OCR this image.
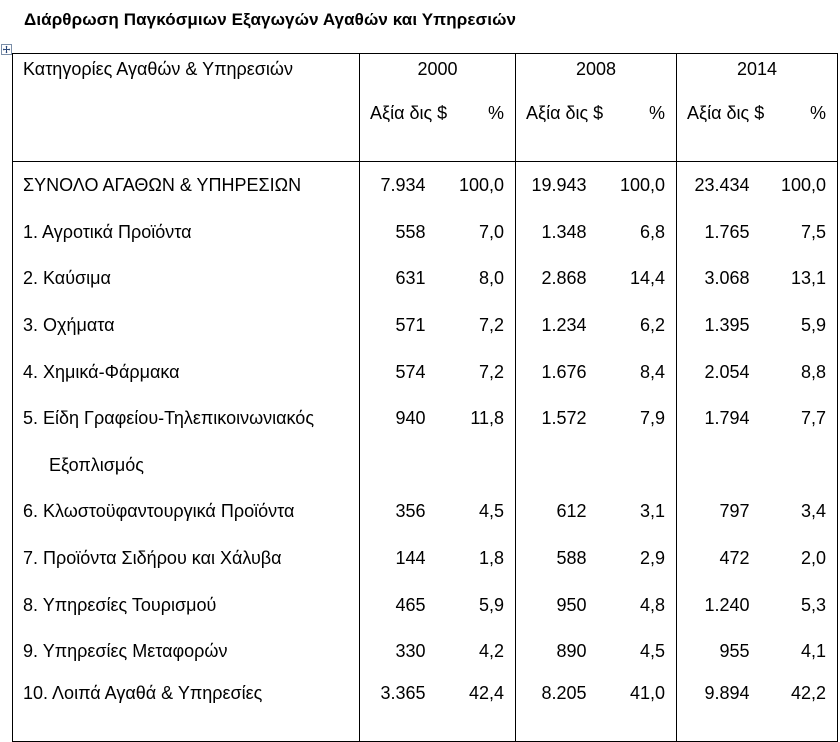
Διάρθρωση Παγκόσμιων Εξαγωγών Αγαθών και Υπηρεσιών
Κατηγορίες Αγαθών & Υπηρεσιών	2000		2008		2014	
	Αξία δις $	%	Αξία δις $	%	Αξία δις $	%
ΣΥΝΟΛΟ ΑΓΑΘΩΝ & ΥΠΗΡΕΣΙΩΝ	7.934	100,0	19.943	100,0	23.434	100,0
1. Αγροτικά Προϊόντα	558	7,0	1.348	6,8	1.765	7,5
2. Καύσιμα	631	8,0	2.868	14,4	3.068	13,1
3. Οχήματα	571	7,2	1.234	6,2	1.395	5,9
4. Χημικά-Φάρμακα	574	7,2	1.676	8,4	2.054	8,8
5. Είδη Γραφείου-Τηλεπικοινωνιακός	940	11,8	1.572	7,9	1.794	7,7
Εξοπλισμός						
6. Κλωστοϋφαντουργικά Προϊόντα	356	4,5	612	3,1	797	3,4
7. Προϊόντα Σιδήρου και Χάλυβα	144	1,8	588	2,9	472	2,0
8. Υπηρεσίες Τουρισμού	465	5,9	950	4,8	1.240	5,3
9. Υπηρεσίες Μεταφορών	330	4,2	890	4,5	955	4,1
10. Λοιπά Αγαθά & Υπηρεσίες	3.365	42,4	8.205	41,0	9.894	42,2
